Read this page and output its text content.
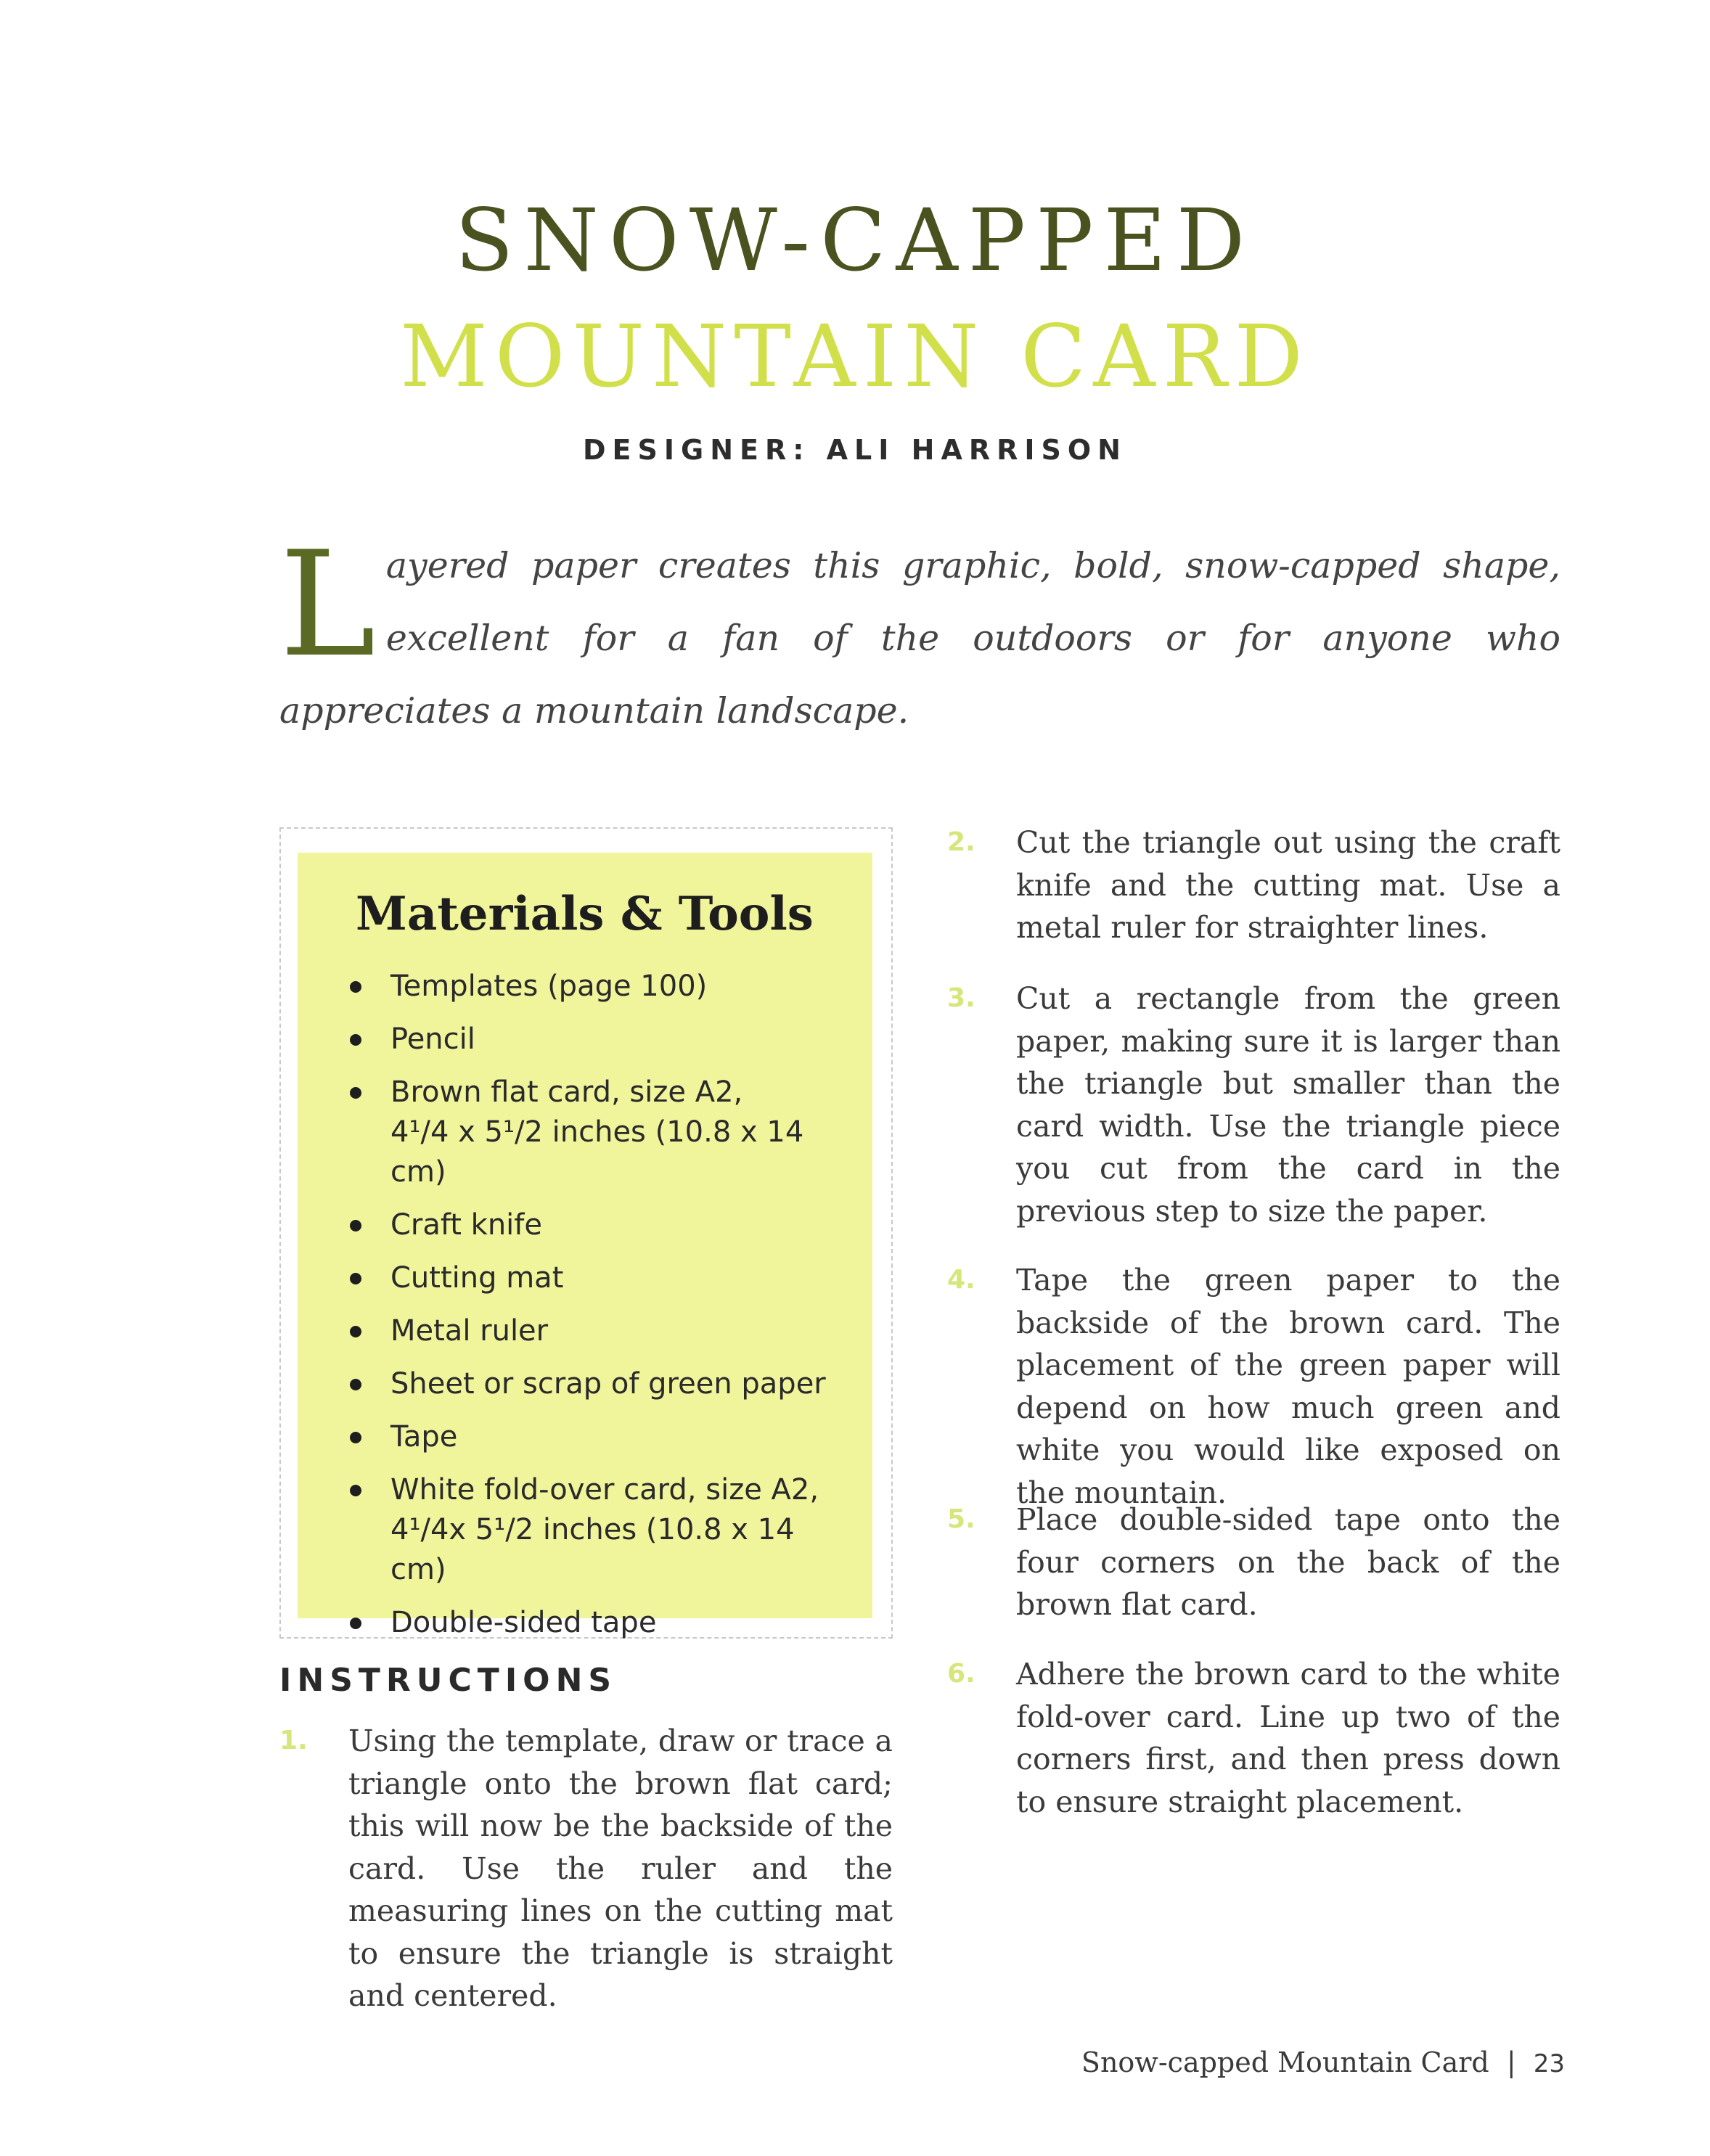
SNOW-CAPPED
MOUNTAIN CARD
DESIGNER: ALI HARRISON
L ayered paper creates this graphic, bold, snow-capped shape, excellent for a fan of the outdoors or for anyone who appreciates a mountain landscape.
Materials & Tools
Templates (page 100)
Pencil
Brown flat card, size A2,
4¹/4 x 5¹/2 inches (10.8 x 14 cm)
Craft knife
Cutting mat
Metal ruler
Sheet or scrap of green paper
Tape
White fold-over card, size A2,
4¹/4x 5¹/2 inches (10.8 x 14 cm)
Double-sided tape
INSTRUCTIONS
1. Using the template, draw or trace a triangle onto the brown flat card; this will now be the backside of the card. Use the ruler and the measuring lines on the cutting mat to ensure the triangle is straight and centered.
2. Cut the triangle out using the craft knife and the cutting mat. Use a metal ruler for straighter lines.
3. Cut a rectangle from the green paper, making sure it is larger than the triangle but smaller than the card width. Use the triangle piece you cut from the card in the previous step to size the paper.
4. Tape the green paper to the backside of the brown card. The placement of the green paper will depend on how much green and white you would like exposed on the mountain.
5. Place double-sided tape onto the four corners on the back of the brown flat card.
6. Adhere the brown card to the white fold-over card. Line up two of the corners first, and then press down to ensure straight placement.
Snow-capped Mountain Card | 23
